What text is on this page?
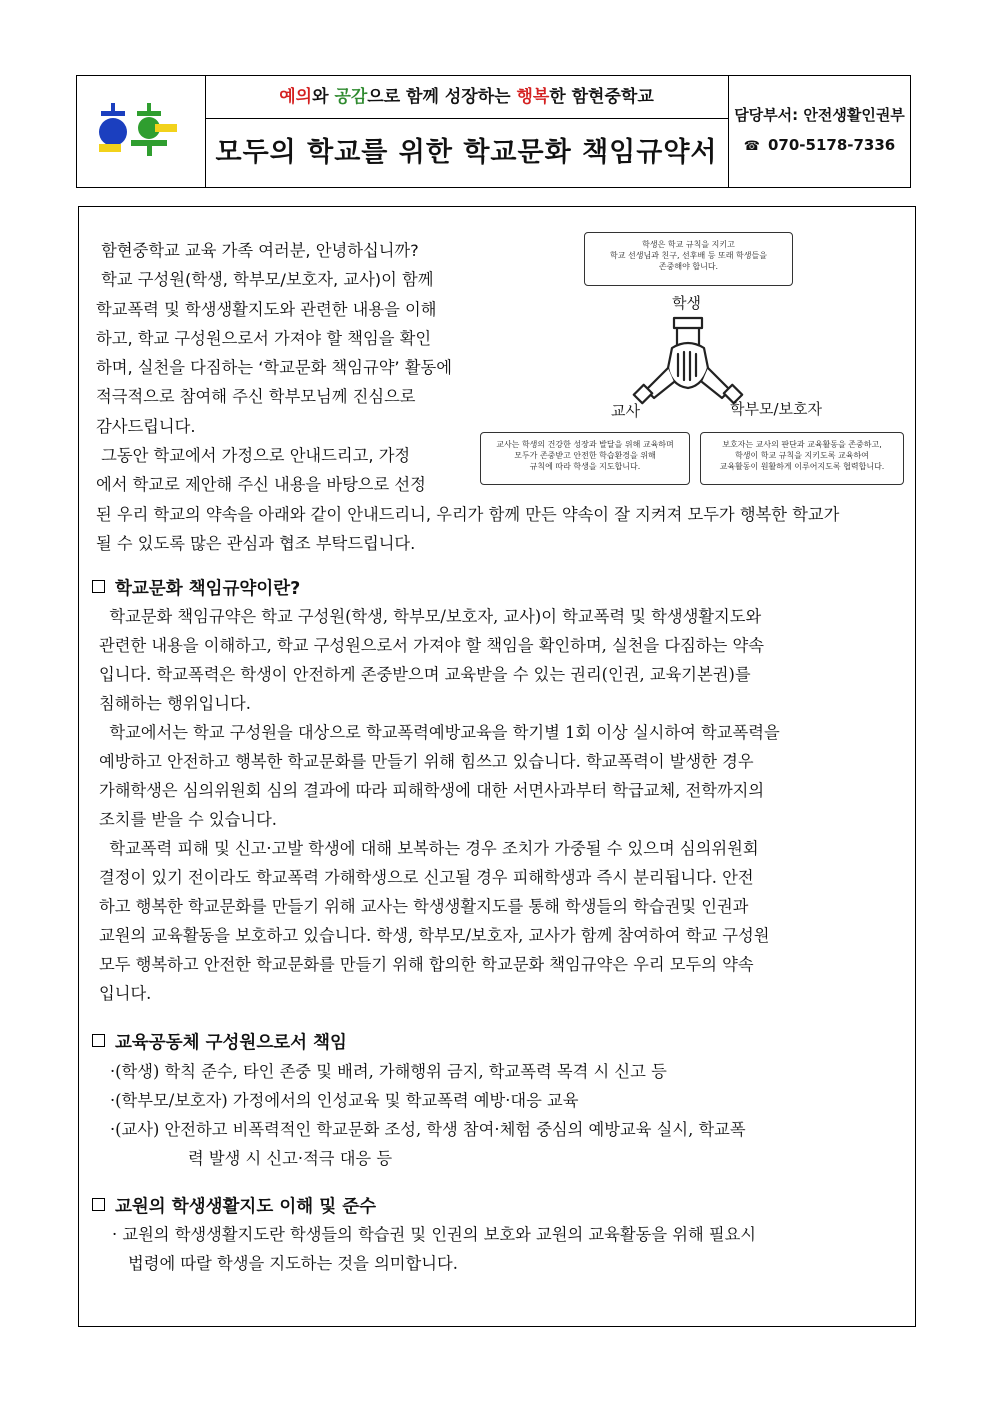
예의와 공감으로 함께 성장하는 행복한 함현중학교
모두의 학교를 위한 학교문화 책임규약서
담당부서: 안전생활인권부
☎ 070-5178-7336
함현중학교 교육 가족 여러분, 안녕하십니까?
학교 구성원(학생, 학부모/보호자, 교사)이 함께
학교폭력 및 학생생활지도와 관련한 내용을 이해
하고, 학교 구성원으로서 가져야 할 책임을 확인
하며, 실천을 다짐하는 ‘학교문화 책임규약’ 활동에
적극적으로 참여해 주신 학부모님께 진심으로
감사드립니다.
그동안 학교에서 가정으로 안내드리고, 가정
에서 학교로 제안해 주신 내용을 바탕으로 선정
된 우리 학교의 약속을 아래와 같이 안내드리니, 우리가 함께 만든 약속이 잘 지켜져 모두가 행복한 학교가
될 수 있도록 많은 관심과 협조 부탁드립니다.
학생은 학교 규칙을 지키고
학교 선생님과 친구, 선후배 등 또래 학생들을
존중해야 합니다.
학생
교사	학부모/보호자
교사는 학생의 건강한 성장과 발달을 위해 교육하며
모두가 존중받고 안전한 학습환경을 위해
규칙에 따라 학생을 지도합니다.
보호자는 교사의 판단과 교육활동을 존중하고,
학생이 학교 규칙을 지키도록 교육하여
교육활동이 원활하게 이루어지도록 협력합니다.
학교문화 책임규약이란?
학교문화 책임규약은 학교 구성원(학생, 학부모/보호자, 교사)이 학교폭력 및 학생생활지도와
관련한 내용을 이해하고, 학교 구성원으로서 가져야 할 책임을 확인하며, 실천을 다짐하는 약속
입니다. 학교폭력은 학생이 안전하게 존중받으며 교육받을 수 있는 권리(인권, 교육기본권)를
침해하는 행위입니다.
학교에서는 학교 구성원을 대상으로 학교폭력예방교육을 학기별 1회 이상 실시하여 학교폭력을
예방하고 안전하고 행복한 학교문화를 만들기 위해 힘쓰고 있습니다. 학교폭력이 발생한 경우
가해학생은 심의위원회 심의 결과에 따라 피해학생에 대한 서면사과부터 학급교체, 전학까지의
조치를 받을 수 있습니다.
학교폭력 피해 및 신고·고발 학생에 대해 보복하는 경우 조치가 가중될 수 있으며 심의위원회
결정이 있기 전이라도 학교폭력 가해학생으로 신고될 경우 피해학생과 즉시 분리됩니다. 안전
하고 행복한 학교문화를 만들기 위해 교사는 학생생활지도를 통해 학생들의 학습권및 인권과
교원의 교육활동을 보호하고 있습니다. 학생, 학부모/보호자, 교사가 함께 참여하여 학교 구성원
모두 행복하고 안전한 학교문화를 만들기 위해 합의한 학교문화 책임규약은 우리 모두의 약속
입니다.
교육공동체 구성원으로서 책임
·(학생) 학칙 준수, 타인 존중 및 배려, 가해행위 금지, 학교폭력 목격 시 신고 등
·(학부모/보호자) 가정에서의 인성교육 및 학교폭력 예방·대응 교육
·(교사) 안전하고 비폭력적인 학교문화 조성, 학생 참여·체험 중심의 예방교육 실시, 학교폭
력 발생 시 신고·적극 대응 등
교원의 학생생활지도 이해 및 준수
· 교원의 학생생활지도란 학생들의 학습권 및 인권의 보호와 교원의 교육활동을 위해 필요시
법령에 따랄 학생을 지도하는 것을 의미합니다.
